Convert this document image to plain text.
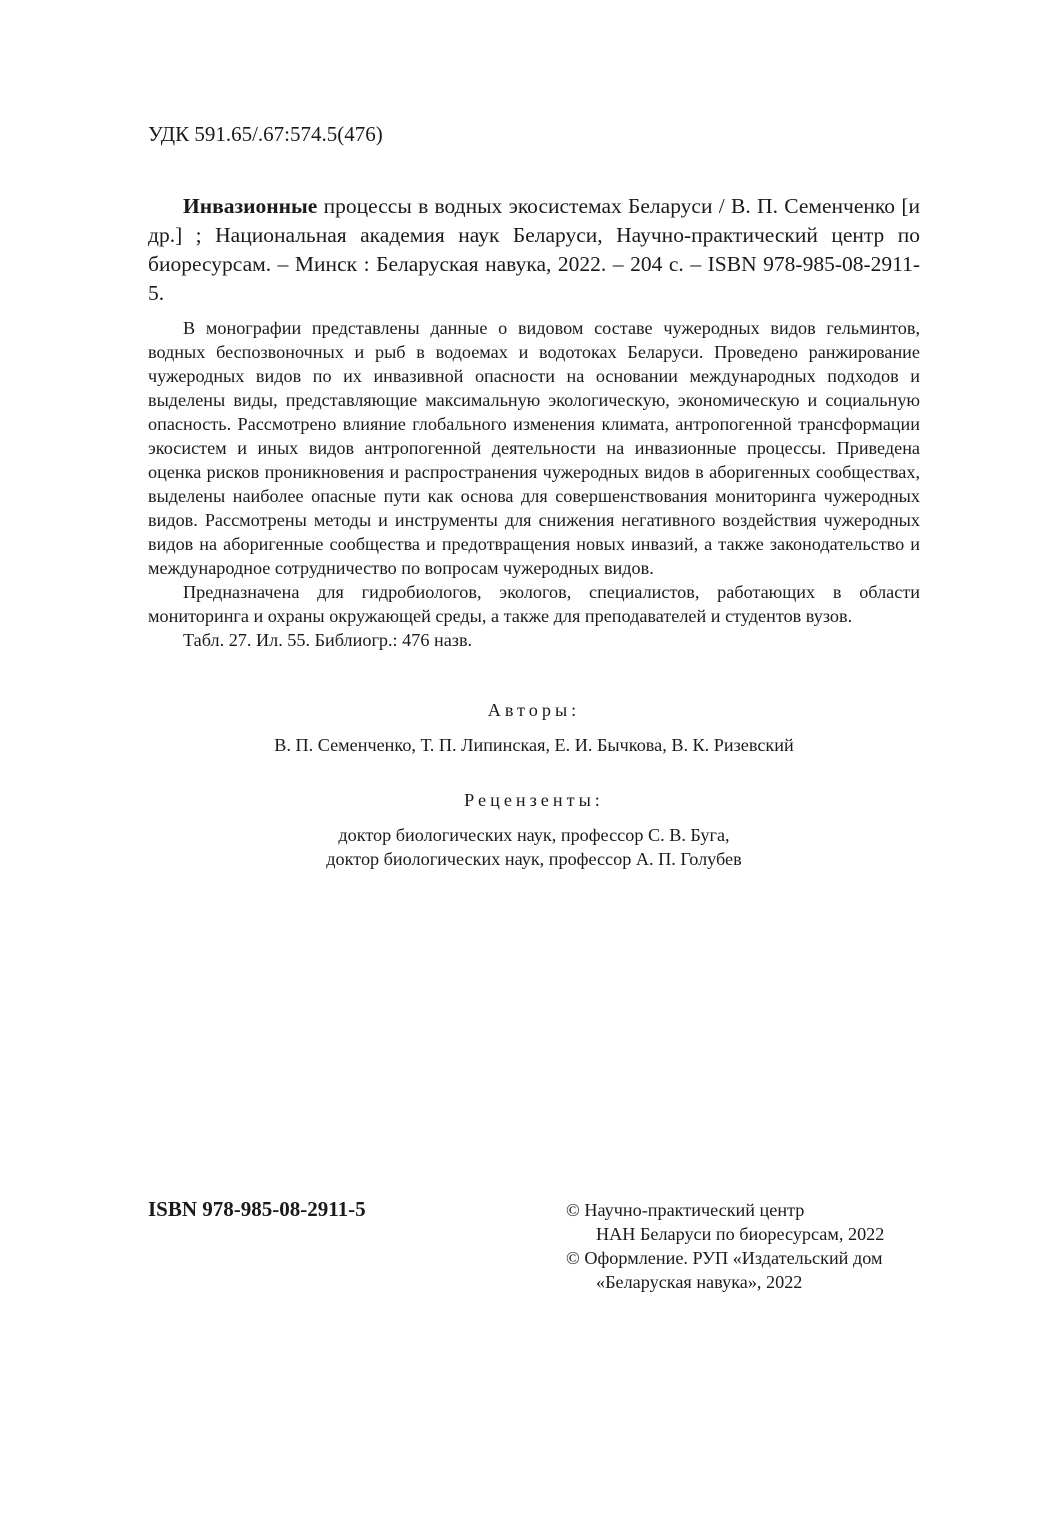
УДК 591.65/.67:574.5(476)

Инвазионные процессы в водных экосистемах Беларуси / В. П. Семенченко [и др.] ; Национальная академия наук Беларуси, Научно-практический центр по биоресурсам. – Минск : Беларуская навука, 2022. – 204 с. – ISBN 978-985-08-2911-5.

В монографии представлены данные о видовом составе чужеродных видов гельминтов, водных беспозвоночных и рыб в водоемах и водотоках Беларуси. Проведено ранжирование чужеродных видов по их инвазивной опасности на основании международных подходов и выделены виды, представляющие максимальную экологическую, экономическую и социальную опасность. Рассмотрено влияние глобального изменения климата, антропогенной трансформации экосистем и иных видов антропогенной деятельности на инвазионные процессы. Приведена оценка рисков проникновения и распространения чужеродных видов в аборигенных сообществах, выделены наиболее опасные пути как основа для совершенствования мониторинга чужеродных видов. Рассмотрены методы и инструменты для снижения негативного воздействия чужеродных видов на аборигенные сообщества и предотвращения новых инвазий, а также законодательство и международное сотрудничество по вопросам чужеродных видов.

Предназначена для гидробиологов, экологов, специалистов, работающих в области мониторинга и охраны окружающей среды, а также для преподавателей и студентов вузов.

Табл. 27. Ил. 55. Библиогр.: 476 назв.

Авторы:
В. П. Семенченко, Т. П. Липинская, Е. И. Бычкова, В. К. Ризевский
Рецензенты:
доктор биологических наук, профессор С. В. Буга,
доктор биологических наук, профессор А. П. Голубев
ISBN 978-985-08-2911-5	© Научно-практический центр
НАН Беларуси по биоресурсам, 2022
© Оформление. РУП «Издательский дом
«Беларуская навука», 2022
